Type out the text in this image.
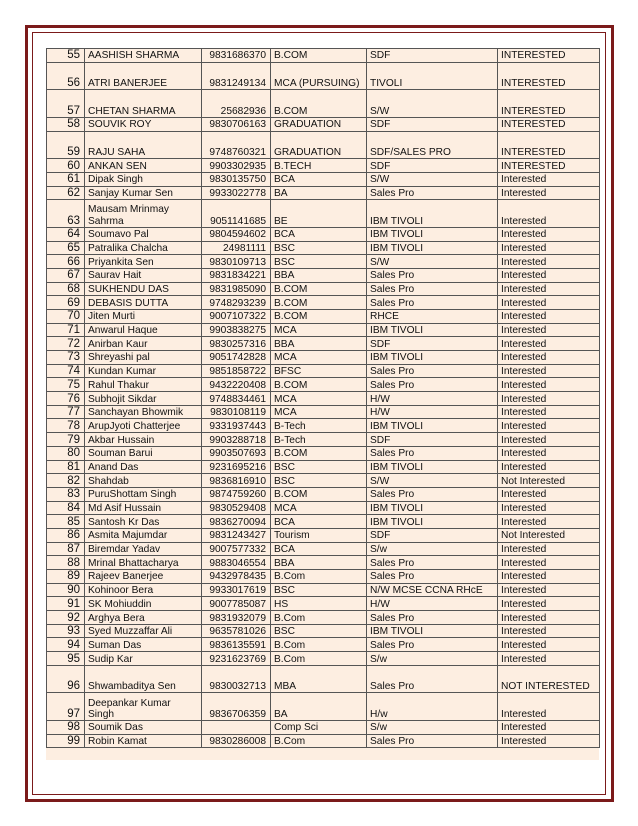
55	AASHISH SHARMA	9831686370	B.COM	SDF	INTERESTED
56	ATRI BANERJEE	9831249134	MCA (PURSUING)	TIVOLI	INTERESTED
57	CHETAN SHARMA	25682936	B.COM	S/W	INTERESTED
58	SOUVIK ROY	9830706163	GRADUATION	SDF	INTERESTED
59	RAJU SAHA	9748760321	GRADUATION	SDF/SALES PRO	INTERESTED
60	ANKAN SEN	9903302935	B.TECH	SDF	INTERESTED
61	Dipak Singh	9830135750	BCA	S/W	Interested
62	Sanjay Kumar Sen	9933022778	BA	Sales Pro	Interested
63	Mausam Mrinmay Sahrma	9051141685	BE	IBM TIVOLI	Interested
64	Soumavo Pal	9804594602	BCA	IBM TIVOLI	Interested
65	Patralika Chalcha	24981111	BSC	IBM TIVOLI	Interested
66	Priyankita Sen	9830109713	BSC	S/W	Interested
67	Saurav Hait	9831834221	BBA	Sales Pro	Interested
68	SUKHENDU DAS	9831985090	B.COM	Sales Pro	Interested
69	DEBASIS DUTTA	9748293239	B.COM	Sales Pro	Interested
70	Jiten Murti	9007107322	B.COM	RHCE	Interested
71	Anwarul Haque	9903838275	MCA	IBM TIVOLI	Interested
72	Anirban Kaur	9830257316	BBA	SDF	Interested
73	Shreyashi pal	9051742828	MCA	IBM TIVOLI	Interested
74	Kundan Kumar	9851858722	BFSC	Sales Pro	Interested
75	Rahul Thakur	9432220408	B.COM	Sales Pro	Interested
76	Subhojit Sikdar	9748834461	MCA	H/W	Interested
77	Sanchayan Bhowmik	9830108119	MCA	H/W	Interested
78	ArupJyoti Chatterjee	9331937443	B-Tech	IBM TIVOLI	Interested
79	Akbar Hussain	9903288718	B-Tech	SDF	Interested
80	Souman Barui	9903507693	B.COM	Sales Pro	Interested
81	Anand Das	9231695216	BSC	IBM TIVOLI	Interested
82	Shahdab	9836816910	BSC	S/W	Not Interested
83	PuruShottam Singh	9874759260	B.COM	Sales Pro	Interested
84	Md Asif Hussain	9830529408	MCA	IBM TIVOLI	Interested
85	Santosh Kr Das	9836270094	BCA	IBM TIVOLI	Interested
86	Asmita Majumdar	9831243427	Tourism	SDF	Not Interested
87	Biremdar Yadav	9007577332	BCA	S/w	Interested
88	Mrinal Bhattacharya	9883046554	BBA	Sales Pro	Interested
89	Rajeev Banerjee	9432978435	B.Com	Sales Pro	Interested
90	Kohinoor Bera	9933017619	BSC	N/W MCSE CCNA RHcE	Interested
91	SK Mohiuddin	9007785087	HS	H/W	Interested
92	Arghya Bera	9831932079	B.Com	Sales Pro	Interested
93	Syed Muzzaffar Ali	9635781026	BSC	IBM TIVOLI	Interested
94	Suman Das	9836135591	B.Com	Sales Pro	Interested
95	Sudip Kar	9231623769	B.Com	S/w	Interested
96	Shwambaditya Sen	9830032713	MBA	Sales Pro	NOT INTERESTED
97	Deepankar Kumar Singh	9836706359	BA	H/w	Interested
98	Soumik Das		Comp Sci	S/w	Interested
99	Robin Kamat	9830286008	B.Com	Sales Pro	Interested
